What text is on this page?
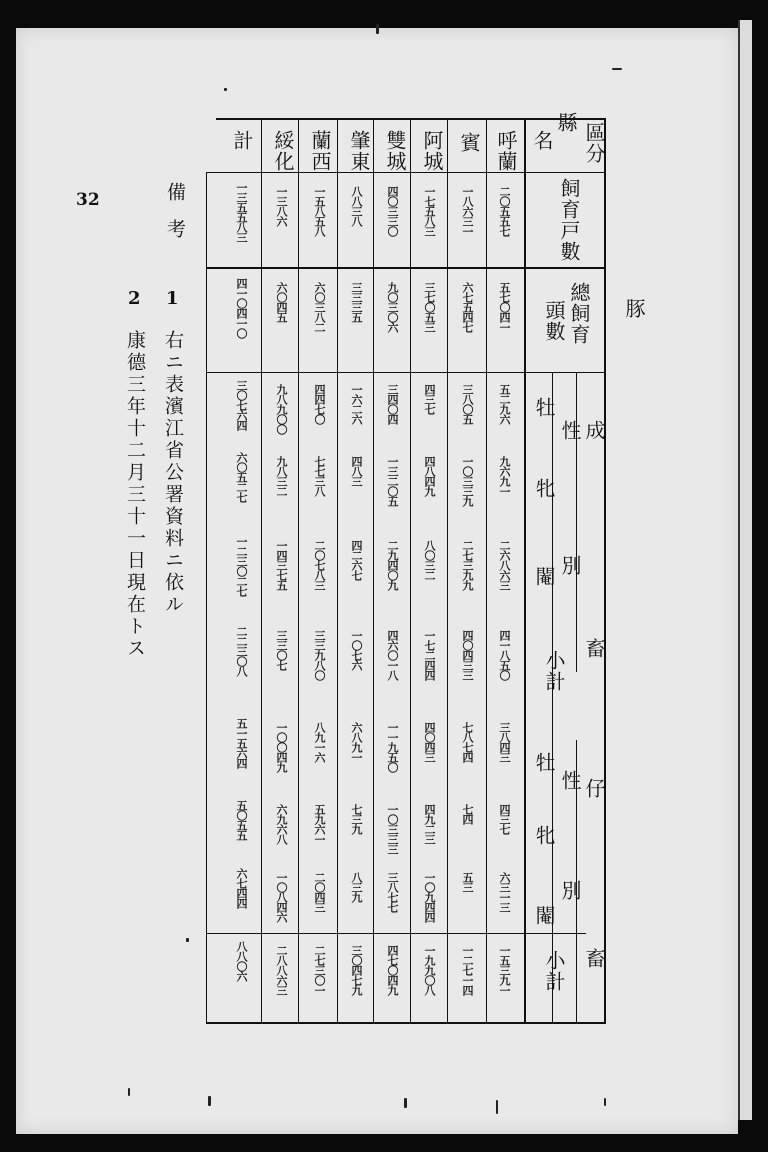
豚
32
縣
名 區分
飼育戸數
總飼育
頭數
成
畜
性
別
牡
牝
閹
小計
仔
畜
性
別
牡
牝
閹
小計
呼蘭
賓
阿城
雙城
肇東
蘭西
綏化
計
二〇五五七
五七〇四一
五二九六
九六九一
二六八六三
四一八五〇
三八四三
四三七
六三一三
一五三九一
一八六三一
六七五四七
三八〇五
一〇三三九
二七三九九
四〇四三三
七八七四
七四
五三
一二七一四
一七五八三
三七〇五三
四三七
四八四九
八〇三二
一七二四四
四〇四三
四九二三
一〇九四四
一九九〇八
四〇三三〇
九〇三〇六
三四〇四
一三二〇五
二九四〇九
四六〇一八
一一九五〇
一〇三三三
三八七七
四七〇四九
八八三八
三三三五
一六二六
四八三
四二六七
一〇七六
六八九一
七三九
八三九
三〇四七九
一五八五八
六〇三八二
四四七〇
七七三八
二〇七八三
三三九八〇
八九一六
五九六一
二〇四三
二七三〇一
一三八六
六〇四五
九八九〇〇
九八三二
一四三七五
三三〇七
一〇〇四九
六九六八
一〇八四六
二八八六三
一三五五八三
四一〇四一〇
三〇七六四
六〇五二七
一二三〇二七
二二三〇八
五一五六四
五〇五五
六七四四
八八〇六
備考
1
右ニ表濱江省公署資料ニ依ル
2
康德三年十二月三十一日現在トス
